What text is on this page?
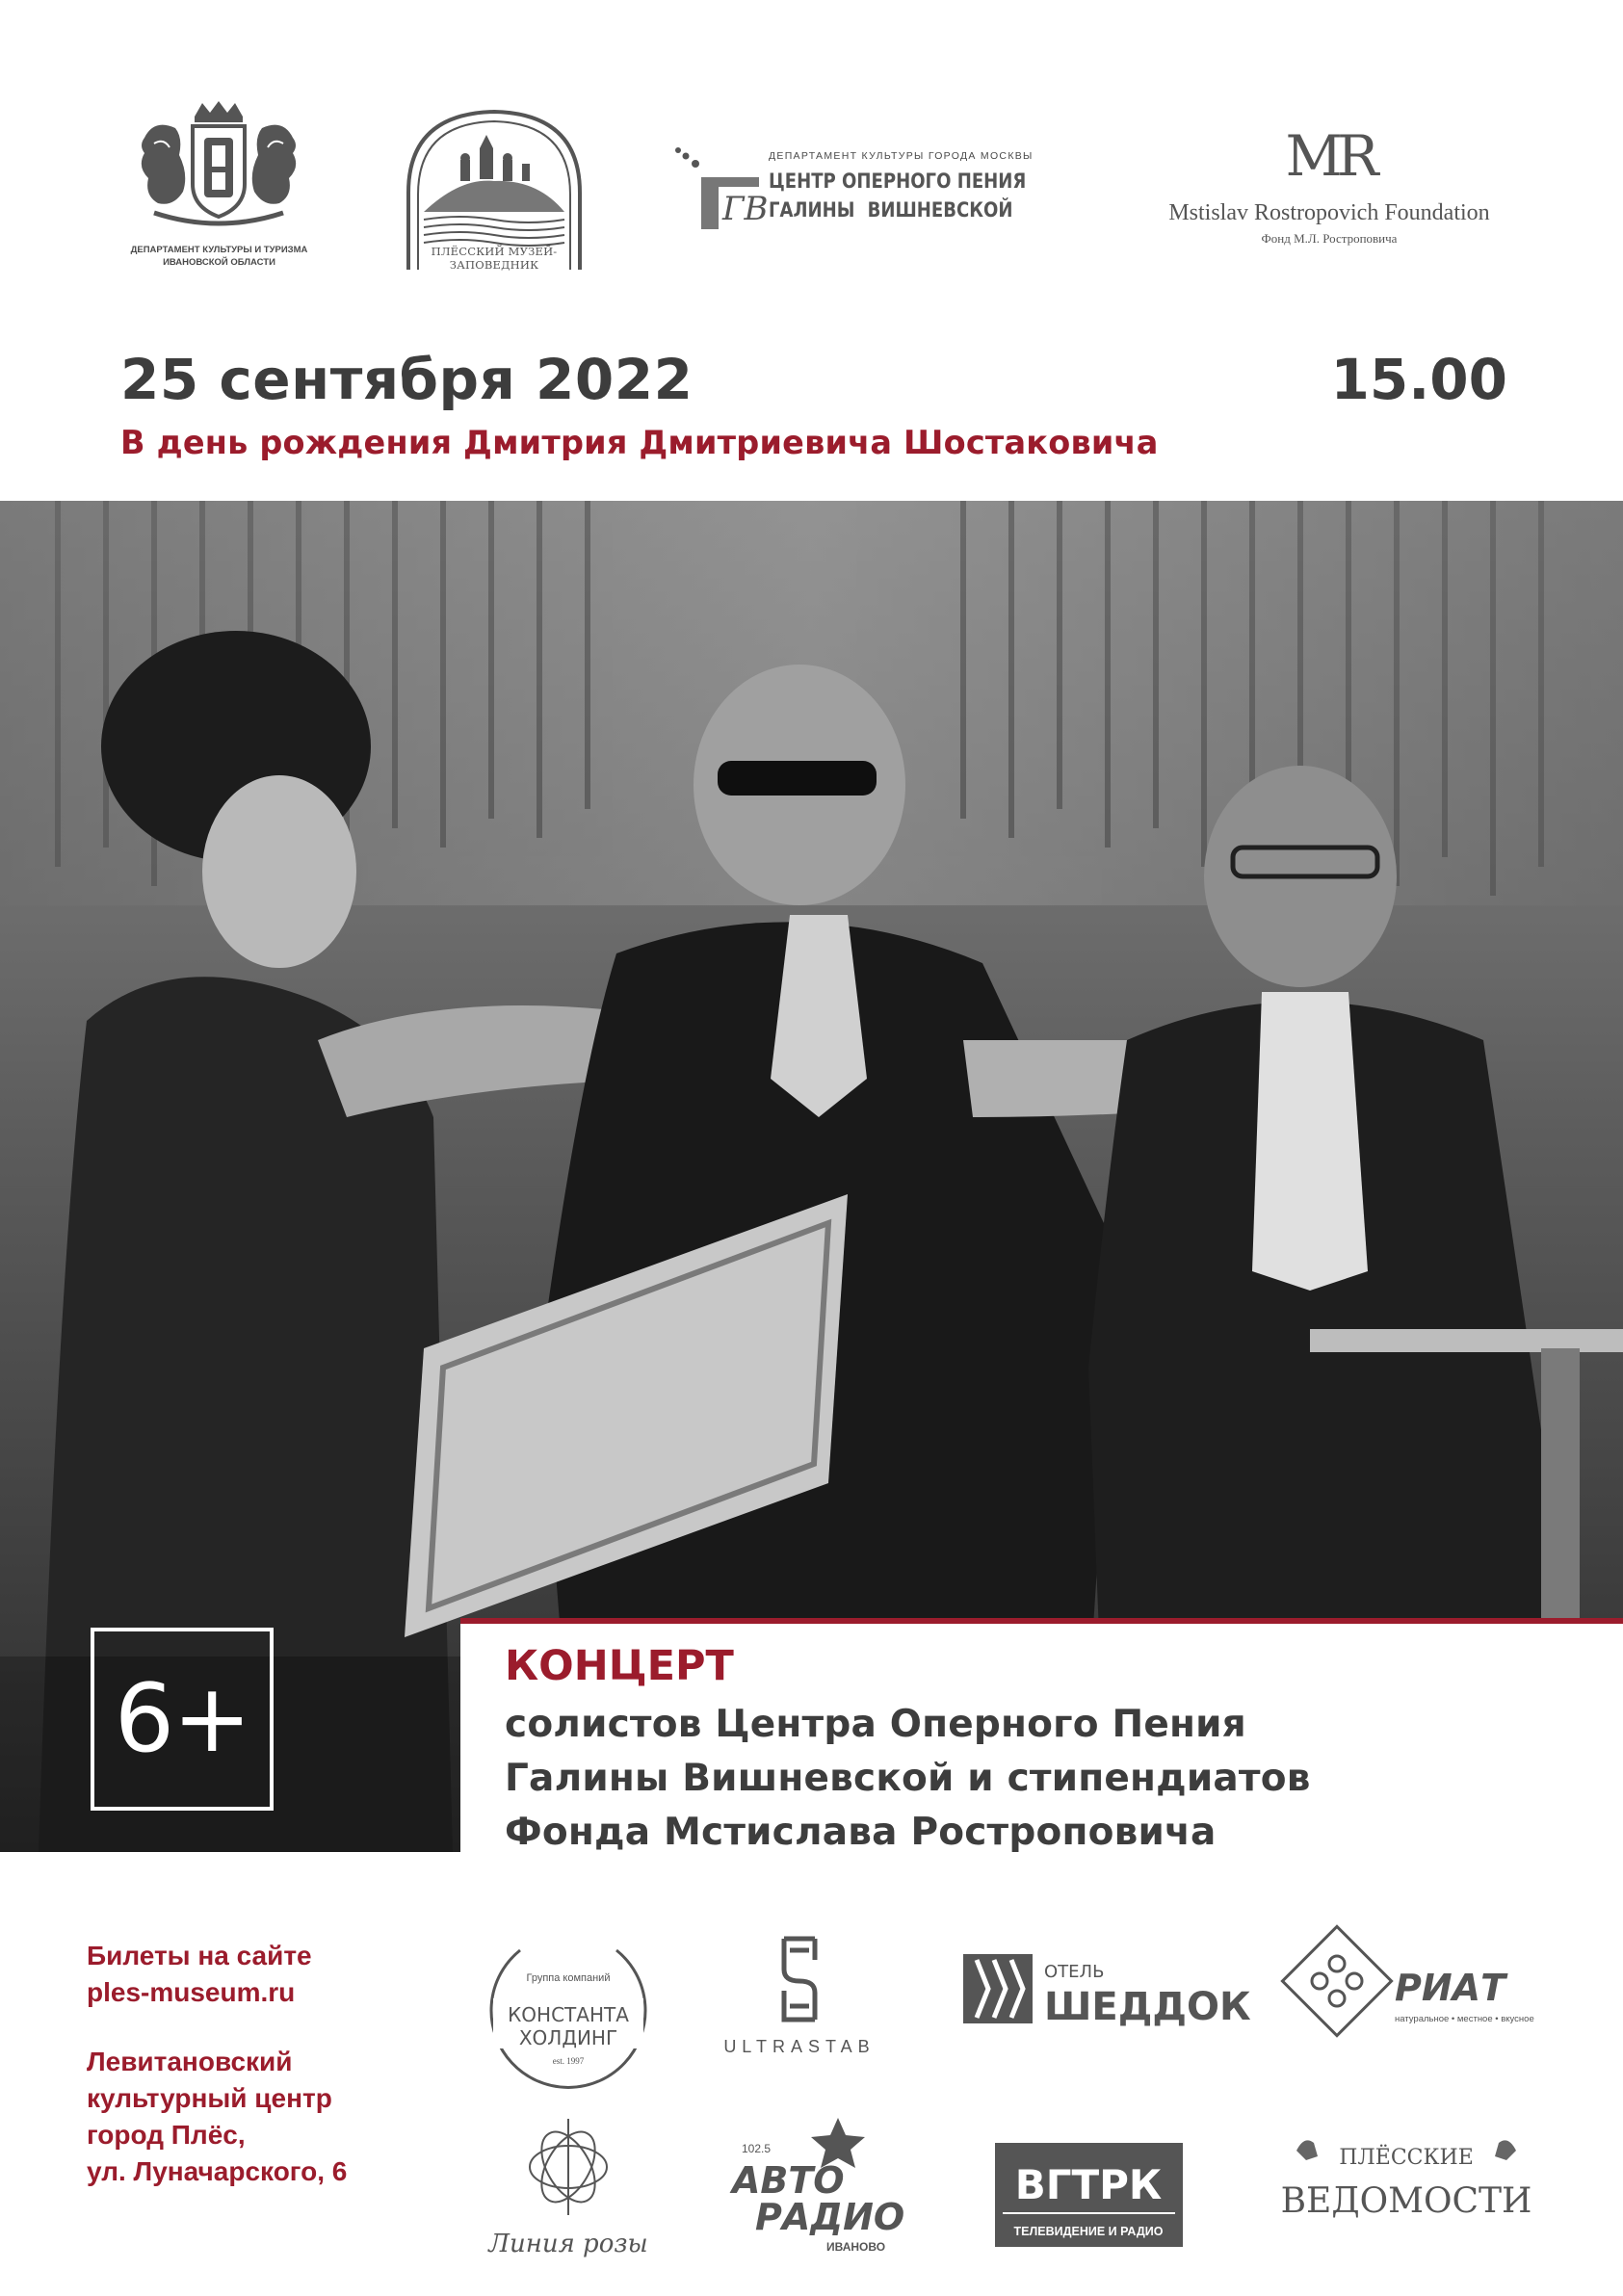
ДЕПАРТАМЕНТ КУЛЬТУРЫ И ТУРИЗМА
ИВАНОВСКОЙ ОБЛАСТИ
ПЛЁССКИЙ МУЗЕЙ-ЗАПОВЕДНИК
ГВ
ДЕПАРТАМЕНТ КУЛЬТУРЫ ГОРОДА МОСКВЫ
ЦЕНТР ОПЕРНОГО ПЕНИЯ
ГАЛИНЫ ВИШНЕВСКОЙ
MR
Mstislav Rostropovich Foundation
Фонд М.Л. Ростроповича
25 сентября 2022	15.00
В день рождения Дмитрия Дмитриевича Шостаковича
6+	КОНЦЕРТ
солистов Центра Оперного Пения
Галины Вишневской и стипендиатов
Фонда Мстислава Ростроповича
Билеты на сайте
ples-museum.ru
Левитановский
культурный центр
город Плёс,
ул. Луначарского, 6
Группа компаний
КОНСТАНТА
ХОЛДИНГ
est. 1997
ULTRASTAB
ОТЕЛЬ
ШЕДДОК	РИАТ
натуральное • местное • вкусное
Линия розы
102.5
АВТО
РАДИО
ИВАНОВО
ВГТРК
ТЕЛЕВИДЕНИЕ И РАДИО
ПЛЁССКИЕ
ВЕДОМОСТИ
